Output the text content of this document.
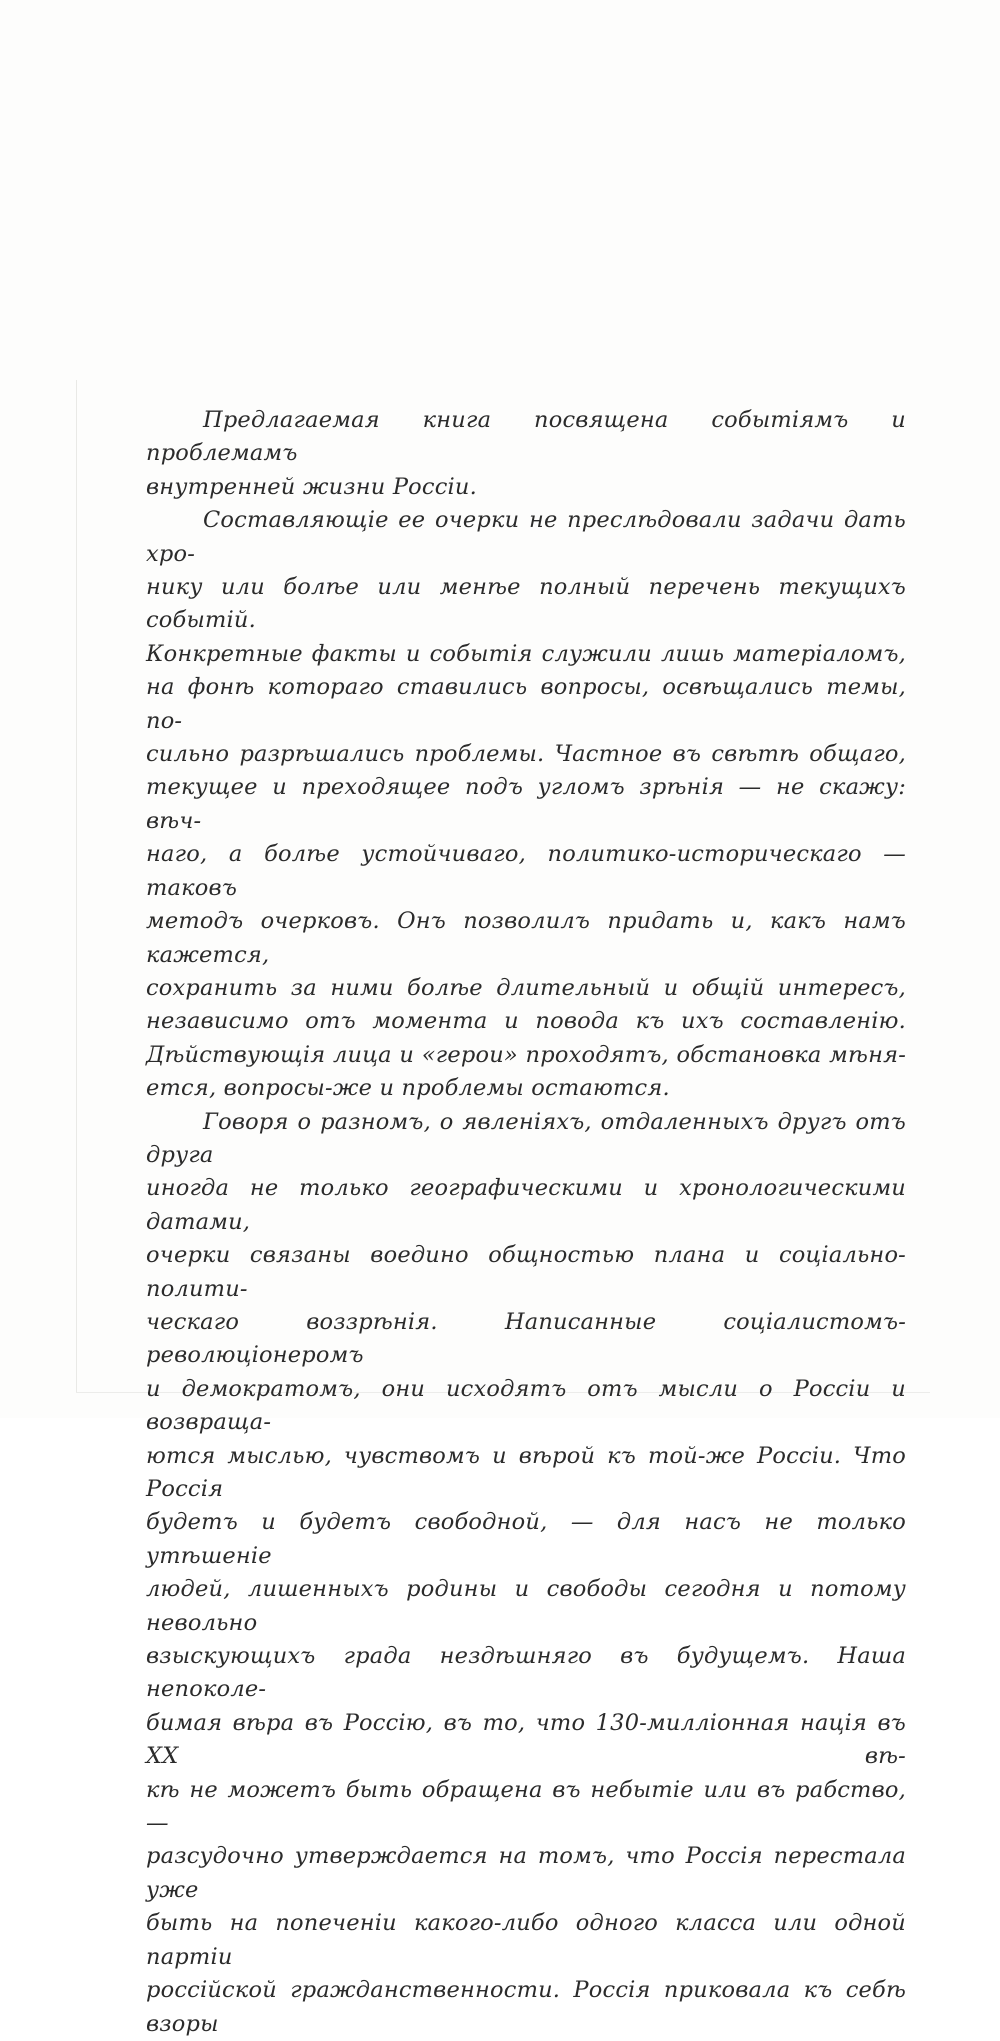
Предлагаемая книга посвящена событіямъ и проблемамъ
внутренней жизни Россіи.
Составляющіе ее очерки не преслѣдовали задачи дать хро-
нику или болѣе или менѣе полный перечень текущихъ событій.
Конкретные факты и событія служили лишь матеріаломъ,
на фонѣ котораго ставились вопросы, освѣщались темы, по-
сильно разрѣшались проблемы. Частное въ свѣтѣ общаго,
текущее и преходящее подъ угломъ зрѣнія — не скажу: вѣч-
наго, а болѣе устойчиваго, политико-историческаго — таковъ
методъ очерковъ. Онъ позволилъ придать и, какъ намъ кажется,
сохранить за ними болѣе длительный и общій интересъ,
независимо отъ момента и повода къ ихъ составленію.
Дѣйствующія лица и «герои» проходятъ, обстановка мѣня-
ется, вопросы-же и проблемы остаются.
Говоря о разномъ, о явленіяхъ, отдаленныхъ другъ отъ друга
иногда не только географическими и хронологическими датами,
очерки связаны воедино общностью плана и соціально-полити-
ческаго воззрѣнія. Написанные соціалистомъ-революціонеромъ
и демократомъ, они исходятъ отъ мысли о Россіи и возвраща-
ются мыслью, чувствомъ и вѣрой къ той-же Россіи. Что Россія
будетъ и будетъ свободной, — для насъ не только утѣшеніе
людей, лишенныхъ родины и свободы сегодня и потому невольно
взыскующихъ града нездѣшняго въ будущемъ. Наша непоколе-
бимая вѣра въ Россію, въ то, что 130-милліонная нація въ XX вѣ-
кѣ не можетъ быть обращена въ небытіе или въ рабство, —
разсудочно утверждается на томъ, что Россія перестала уже
быть на попеченіи какого-либо одного класса или одной партіи
россійской гражданственности. Россія приковала къ себѣ взоры
